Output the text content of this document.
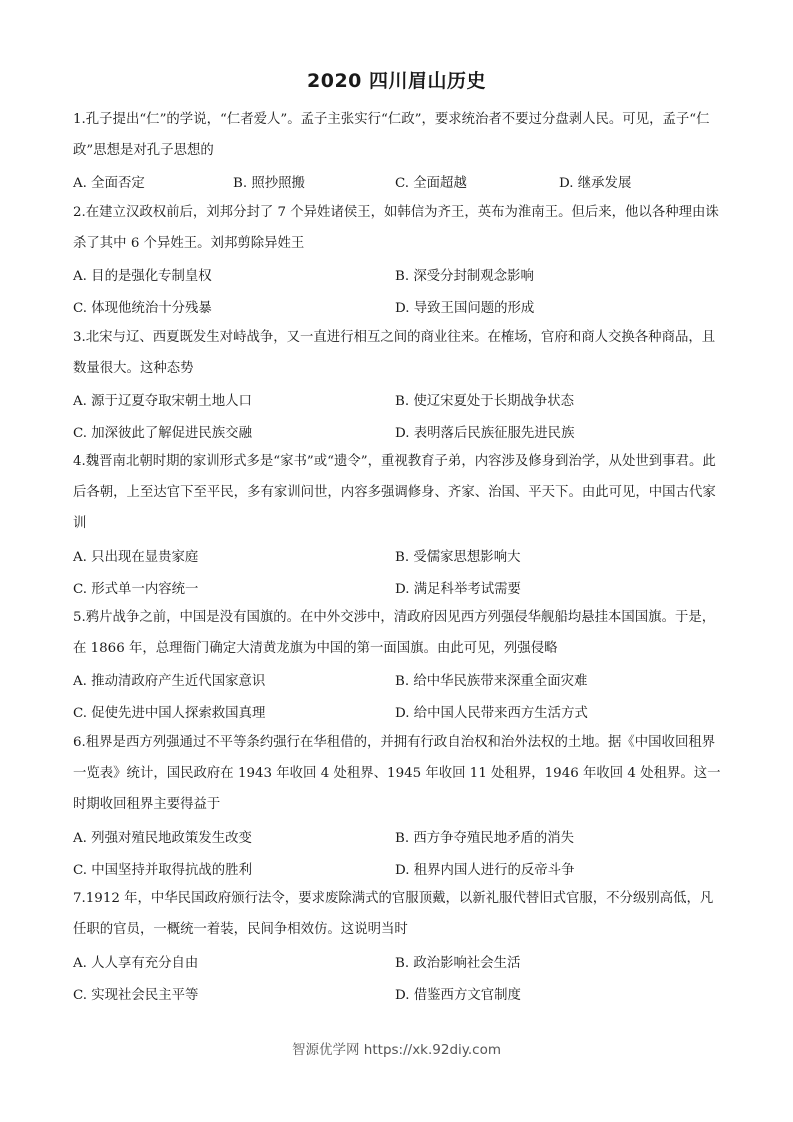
2020 四川眉山历史
1.孔子提出“仁”的学说，“仁者爱人”。孟子主张实行“仁政”，要求统治者不要过分盘剥人民。可见，孟子“仁政”思想是对孔子思想的
A. 全面否定	B. 照抄照搬	C. 全面超越	D. 继承发展
2.在建立汉政权前后，刘邦分封了 7 个异姓诸侯王，如韩信为齐王，英布为淮南王。但后来，他以各种理由诛杀了其中 6 个异姓王。刘邦剪除异姓王
A. 目的是强化专制皇权	B. 深受分封制观念影响
C. 体现他统治十分残暴	D. 导致王国问题的形成
3.北宋与辽、西夏既发生对峙战争，又一直进行相互之间的商业往来。在榷场，官府和商人交换各种商品，且数量很大。这种态势
A. 源于辽夏夺取宋朝土地人口	B. 使辽宋夏处于长期战争状态
C. 加深彼此了解促进民族交融	D. 表明落后民族征服先进民族
4.魏晋南北朝时期的家训形式多是“家书”或“遗令”，重视教育子弟，内容涉及修身到治学，从处世到事君。此后各朝，上至达官下至平民，多有家训问世，内容多强调修身、齐家、治国、平天下。由此可见，中国古代家训
A. 只出现在显贵家庭	B. 受儒家思想影响大
C. 形式单一内容统一	D. 满足科举考试需要
5.鸦片战争之前，中国是没有国旗的。在中外交涉中，清政府因见西方列强侵华舰船均悬挂本国国旗。于是，在 1866 年，总理衙门确定大清黄龙旗为中国的第一面国旗。由此可见，列强侵略
A. 推动清政府产生近代国家意识	B. 给中华民族带来深重全面灾难
C. 促使先进中国人探索救国真理	D. 给中国人民带来西方生活方式
6.租界是西方列强通过不平等条约强行在华租借的，并拥有行政自治权和治外法权的土地。据《中国收回租界一览表》统计，国民政府在 1943 年收回 4 处租界、1945 年收回 11 处租界，1946 年收回 4 处租界。这一时期收回租界主要得益于
A. 列强对殖民地政策发生改变	B. 西方争夺殖民地矛盾的消失
C. 中国坚持并取得抗战的胜利	D. 租界内国人进行的反帝斗争
7.1912 年，中华民国政府颁行法令，要求废除满式的官服顶戴，以新礼服代替旧式官服，不分级别高低，凡任职的官员，一概统一着装，民间争相效仿。这说明当时
A. 人人享有充分自由	B. 政治影响社会生活
C. 实现社会民主平等	D. 借鉴西方文官制度
智源优学网 https://xk.92diy.com
